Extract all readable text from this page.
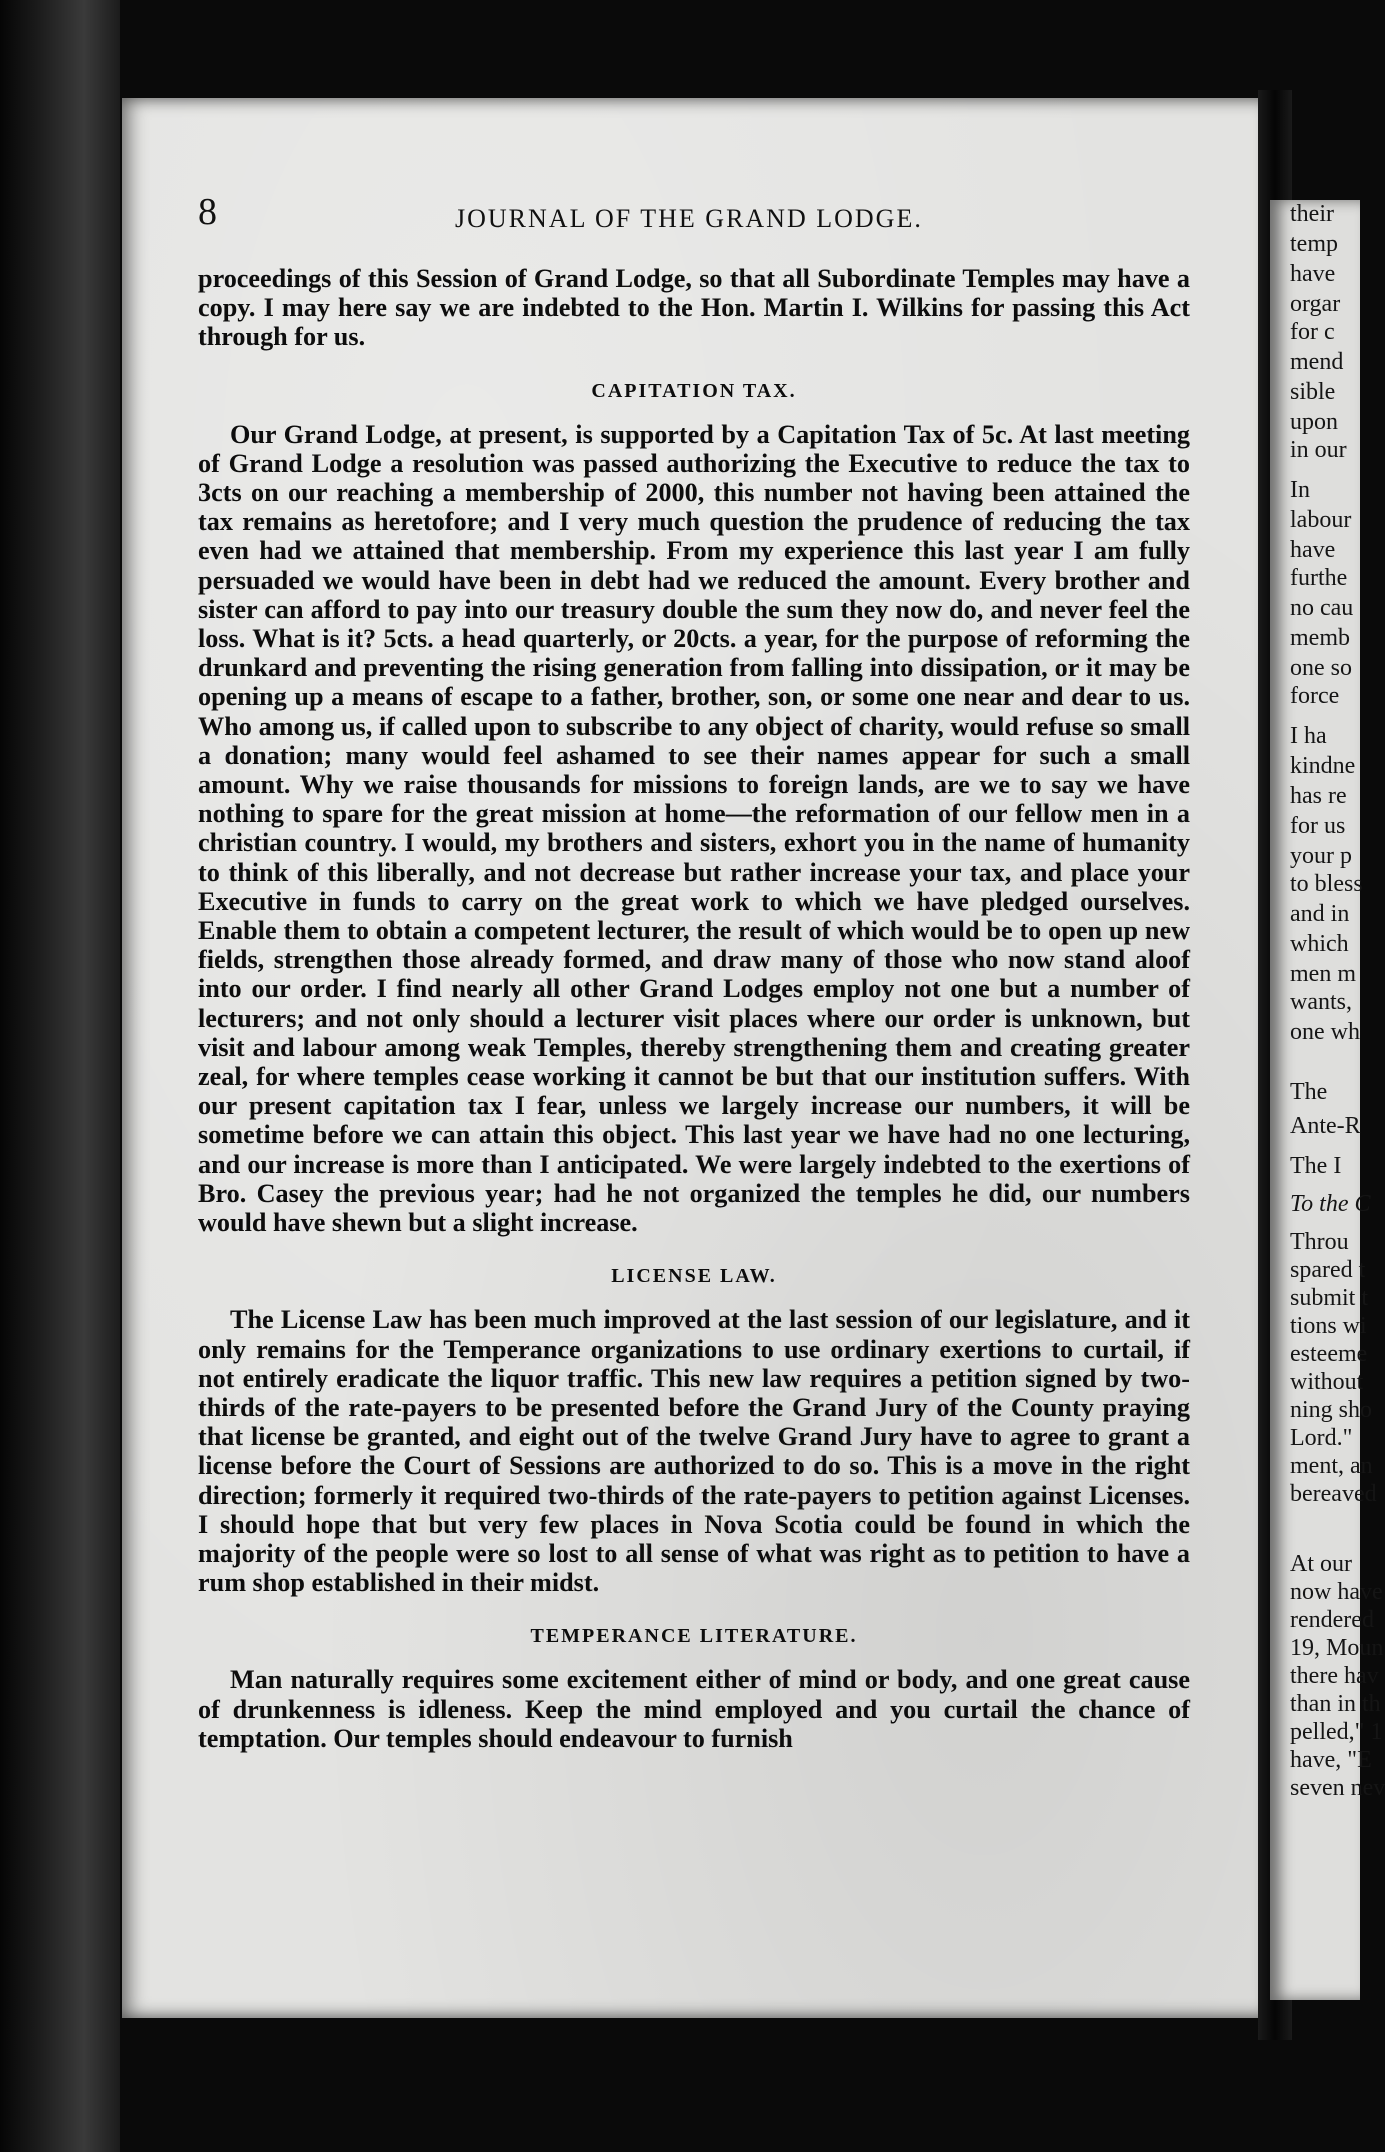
their
temp
have
orgar
for c
mend
sible
upon
in our
In
labour
have
furthe
no cau
memb
one so
force
I ha
kindne
has re
for us
your p
to bless
and in
which
men m
wants,
one wh
The
Ante-R
The I
To the C
Throu
spared t
submit t
tions wi
esteeme
without
ning sho
Lord."
ment, an
bereaved
At our
now have
rendered
19, Moun
there hav
than in th
pelled," 1
have, "E
seven nev
8	JOURNAL OF THE GRAND LODGE.

proceedings of this Session of Grand Lodge, so that all Subordinate Temples may have a copy. I may here say we are indebted to the Hon. Martin I. Wilkins for passing this Act through for us.

CAPITATION TAX.

Our Grand Lodge, at present, is supported by a Capitation Tax of 5c. At last meeting of Grand Lodge a resolution was passed authorizing the Executive to reduce the tax to 3cts on our reaching a membership of 2000, this number not having been attained the tax remains as heretofore; and I very much question the prudence of reducing the tax even had we attained that membership. From my experience this last year I am fully persuaded we would have been in debt had we reduced the amount. Every brother and sister can afford to pay into our treasury double the sum they now do, and never feel the loss. What is it? 5cts. a head quarterly, or 20cts. a year, for the purpose of reforming the drunkard and preventing the rising generation from falling into dissipation, or it may be opening up a means of escape to a father, brother, son, or some one near and dear to us. Who among us, if called upon to subscribe to any object of charity, would refuse so small a donation; many would feel ashamed to see their names appear for such a small amount. Why we raise thousands for missions to foreign lands, are we to say we have nothing to spare for the great mission at home—the reformation of our fellow men in a christian country. I would, my brothers and sisters, exhort you in the name of humanity to think of this liberally, and not decrease but rather increase your tax, and place your Executive in funds to carry on the great work to which we have pledged ourselves. Enable them to obtain a competent lecturer, the result of which would be to open up new fields, strengthen those already formed, and draw many of those who now stand aloof into our order. I find nearly all other Grand Lodges employ not one but a number of lecturers; and not only should a lecturer visit places where our order is unknown, but visit and labour among weak Temples, thereby strengthening them and creating greater zeal, for where temples cease working it cannot be but that our institution suffers. With our present capitation tax I fear, unless we largely increase our numbers, it will be sometime before we can attain this object. This last year we have had no one lecturing, and our increase is more than I anticipated. We were largely indebted to the exertions of Bro. Casey the previous year; had he not organized the temples he did, our numbers would have shewn but a slight increase.

LICENSE LAW.

The License Law has been much improved at the last session of our legislature, and it only remains for the Temperance organizations to use ordinary exertions to curtail, if not entirely eradicate the liquor traffic. This new law requires a petition signed by two-thirds of the rate-payers to be presented before the Grand Jury of the County praying that license be granted, and eight out of the twelve Grand Jury have to agree to grant a license before the Court of Sessions are authorized to do so. This is a move in the right direction; formerly it required two-thirds of the rate-payers to petition against Licenses. I should hope that but very few places in Nova Scotia could be found in which the majority of the people were so lost to all sense of what was right as to petition to have a rum shop established in their midst.

TEMPERANCE LITERATURE.

Man naturally requires some excitement either of mind or body, and one great cause of drunkenness is idleness. Keep the mind employed and you curtail the chance of temptation. Our temples should endeavour to furnish
